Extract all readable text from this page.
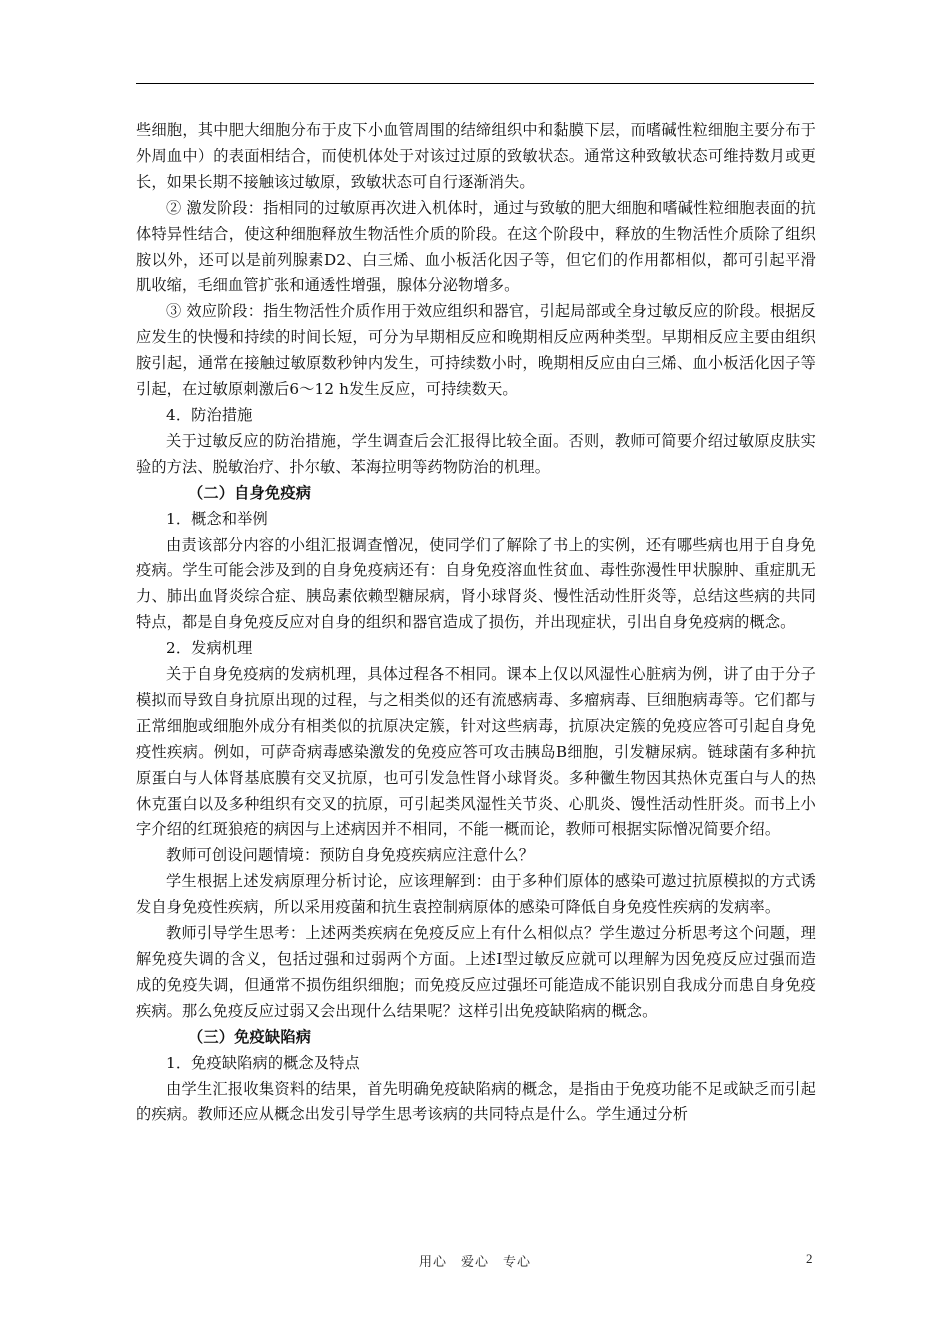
些细胞，其中肥大细胞分布于皮下小血管周围的结缔组织中和黏膜下层，而嗜碱性粒细胞主要分布于外周血中）的表面相结合，而使机体处于对该过过原的致敏状态。通常这种致敏状态可维持数月或更长，如果长期不接触该过敏原，致敏状态可自行逐渐消失。

② 激发阶段：指相同的过敏原再次进入机体时，通过与致敏的肥大细胞和嗜碱性粒细胞表面的抗体特异性结合，使这种细胞释放生物活性介质的阶段。在这个阶段中，释放的生物活性介质除了组织胺以外，还可以是前列腺素D2、白三烯、血小板活化因子等，但它们的作用都相似，都可引起平滑肌收缩，毛细血管扩张和通透性增强，腺体分泌物增多。

③ 效应阶段：指生物活性介质作用于效应组织和器官，引起局部或全身过敏反应的阶段。根据反应发生的快慢和持续的时间长短，可分为早期相反应和晚期相反应两种类型。早期相反应主要由组织胺引起，通常在接触过敏原数秒钟内发生，可持续数小时，晚期相反应由白三烯、血小板活化因子等引起，在过敏原刺激后6～12 h发生反应，可持续数天。

4．防治措施

关于过敏反应的防治措施，学生调查后会汇报得比较全面。否则，教师可简要介绍过敏原皮肤实验的方法、脱敏治疗、扑尔敏、苯海拉明等药物防治的机理。

（二）自身免疫病

1．概念和举例

由责该部分内容的小组汇报调查憎况，使同学们了解除了书上的实例，还有哪些病也用于自身免疫病。学生可能会涉及到的自身免疫病还有：自身免疫溶血性贫血、毒性弥漫性甲状腺肿、重症肌无力、肺出血肾炎综合症、胰岛素依赖型糖尿病，肾小球肾炎、慢性活动性肝炎等，总结这些病的共同特点，都是自身免疫反应对自身的组织和器官造成了损伤，并出现症状，引出自身免疫病的概念。

2．发病机理

关于自身免疫病的发病机理，具体过程各不相同。课本上仅以风湿性心脏病为例，讲了由于分子模拟而导致自身抗原出现的过程，与之相类似的还有流感病毒、多瘤病毒、巨细胞病毒等。它们都与正常细胞或细胞外成分有相类似的抗原决定簇，针对这些病毒，抗原决定簇的免疫应答可引起自身免疫性疾病。例如，可萨奇病毒感染激发的免疫应答可攻击胰岛B细胞，引发糖尿病。链球菌有多种抗原蛋白与人体肾基底膜有交叉抗原，也可引发急性肾小球肾炎。多种黴生物因其热休克蛋白与人的热休克蛋白以及多种组织有交叉的抗原，可引起类风湿性关节炎、心肌炎、馒性活动性肝炎。而书上小字介绍的红斑狼疮的病因与上述病因并不相同，不能一概而论，教师可根据实际憎况简要介绍。

教师可创设问题情境：预防自身免疫疾病应注意什么？

学生根据上述发病原理分析讨论，应该理解到：由于多种们原体的感染可遨过抗原模拟的方式诱发自身免疫性疾病，所以采用疫菌和抗生袁控制病原体的感染可降低自身免疫性疾病的发病率。

教师引导学生思考：上述两类疾病在免疫反应上有什么相似点？学生遨过分析思考这个问题，理解免疫失调的含义，包括过强和过弱两个方面。上述Ⅰ型过敏反应就可以理解为因免疫反应过强而造成的免疫失调，但通常不损伤组织细胞；而免疫反应过强坯可能造成不能识别自我成分而患自身免疫疾病。那么免疫反应过弱又会出现什么结果呢？这样引出免疫缺陷病的概念。

（三）免疫缺陷病

1．免疫缺陷病的概念及特点

由学生汇报收集资料的结果，首先明确免疫缺陷病的概念，是指由于免疫功能不足或缺乏而引起的疾病。教师还应从概念出发引导学生思考该病的共同特点是什么。学生通过分析

用心　爱心　专心	2
